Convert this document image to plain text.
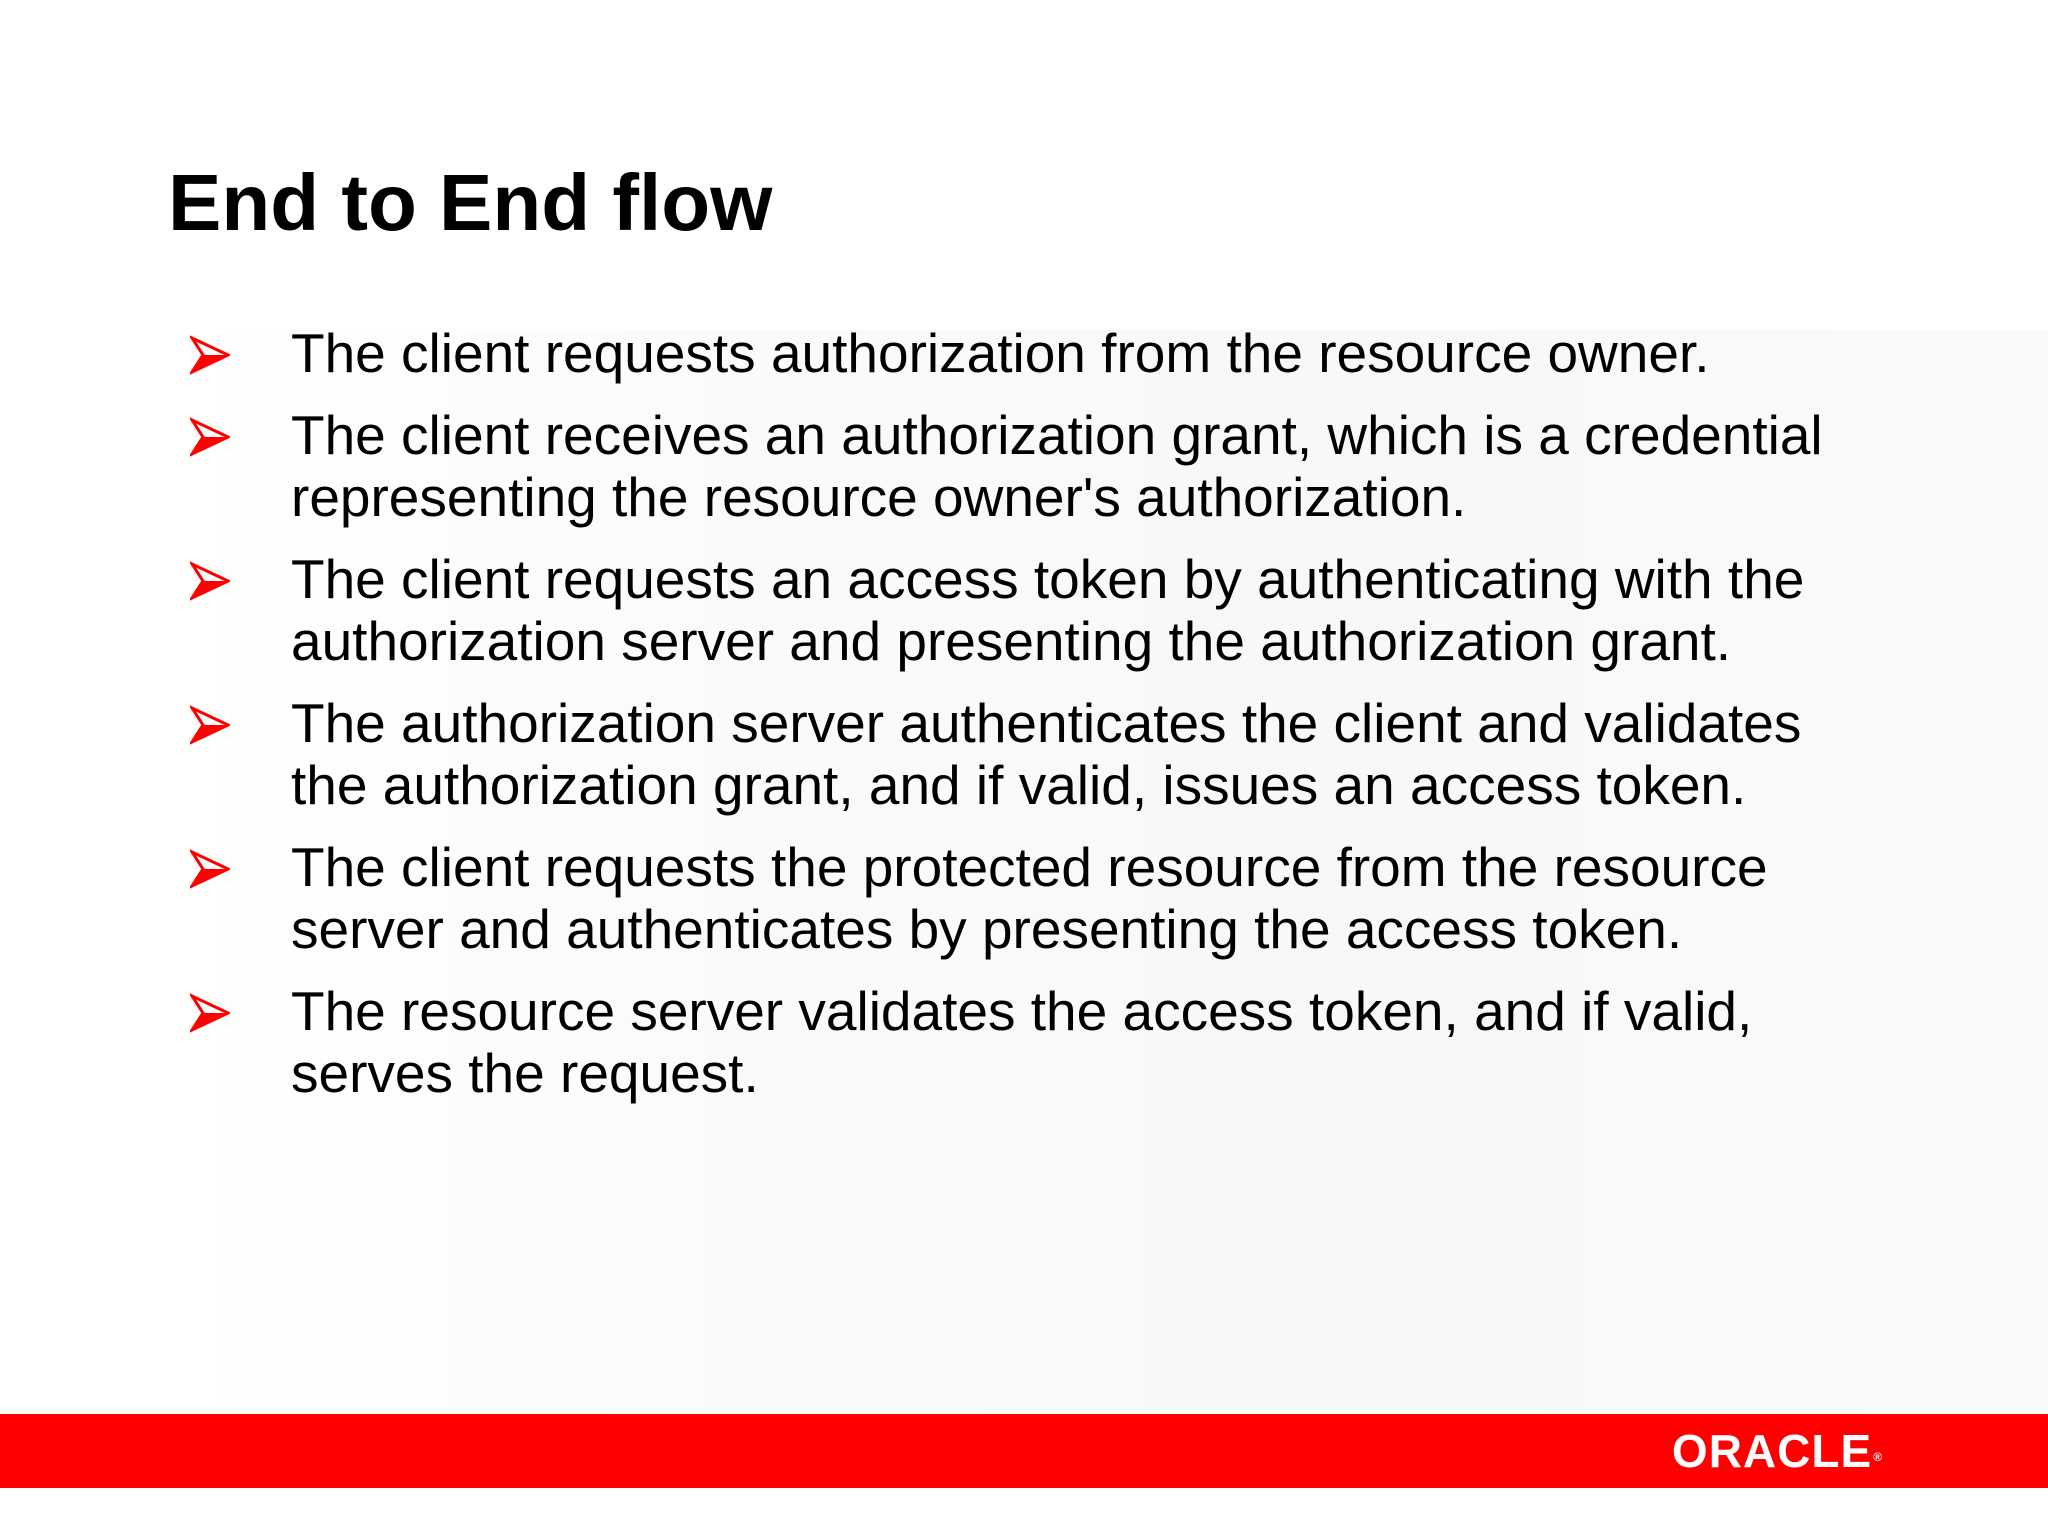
End to End flow
The client requests authorization from the resource owner.
The client receives an authorization grant, which is a credential representing the resource owner's authorization.
The client requests an access token by authenticating with the authorization server and presenting the authorization grant.
The authorization server authenticates the client and validates the authorization grant, and if valid, issues an access token.
The client requests the protected resource from the resource server and authenticates by presenting the access token.
The resource server validates the access token, and if valid, serves the request.
ORACLE®
